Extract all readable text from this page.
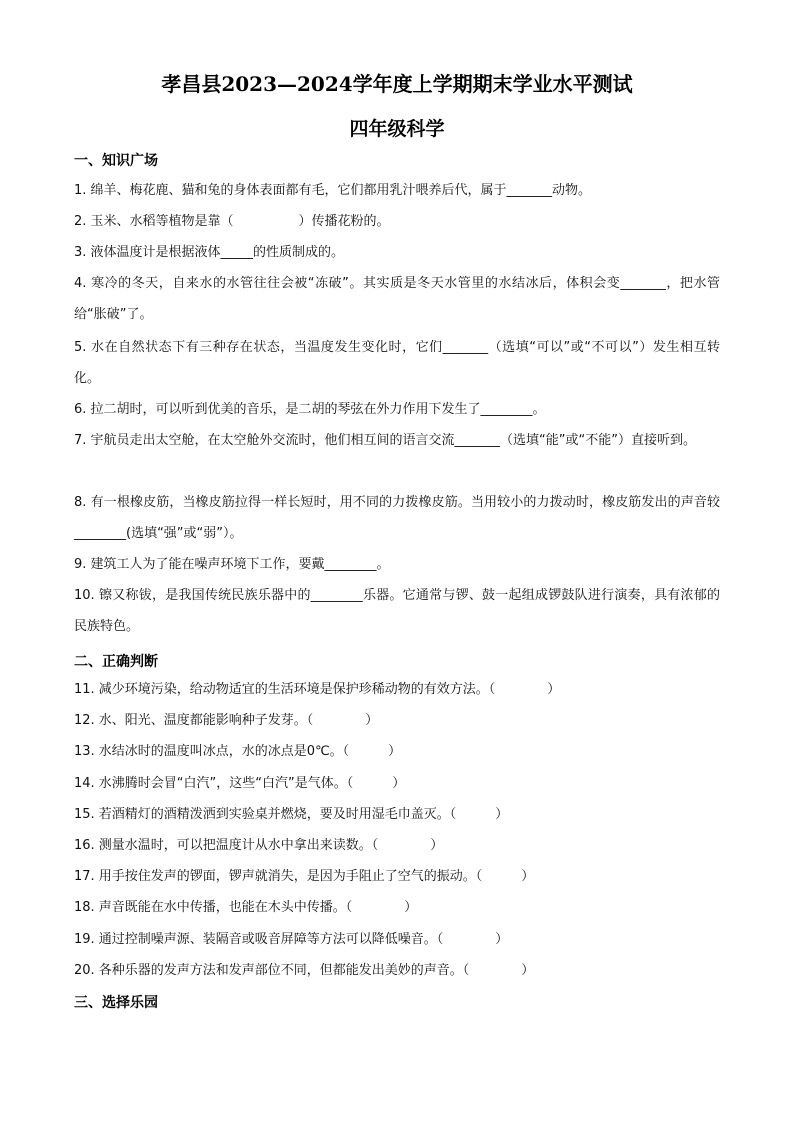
孝昌县2023—2024学年度上学期期末学业水平测试
四年级科学
一、知识广场
1. 绵羊、梅花鹿、猫和兔的身体表面都有毛，它们都用乳汁喂养后代，属于_______动物。
2. 玉米、水稻等植物是靠（　　　　　）传播花粉的。
3. 液体温度计是根据液体_____的性质制成的。
4. 寒冷的冬天，自来水的水管往往会被“冻破”。其实质是冬天水管里的水结冰后，体积会变_______，把水管给“胀破”了。
5. 水在自然状态下有三种存在状态，当温度发生变化时，它们_______（选填“可以”或“不可以”）发生相互转化。
6. 拉二胡时，可以听到优美的音乐，是二胡的琴弦在外力作用下发生了________。
7. 宇航员走出太空舱，在太空舱外交流时，他们相互间的语言交流_______（选填“能”或“不能”）直接听到。
8. 有一根橡皮筋，当橡皮筋拉得一样长短时，用不同的力拨橡皮筋。当用较小的力拨动时，橡皮筋发出的声音较________(选填“强”或“弱”）。
9. 建筑工人为了能在噪声环境下工作，要戴________。
10. 镲又称钹，是我国传统民族乐器中的________乐器。它通常与锣、鼓一起组成锣鼓队进行演奏，具有浓郁的民族特色。
二、正确判断
11. 减少环境污染，给动物适宜的生活环境是保护珍稀动物的有效方法。（　　　　）
12. 水、阳光、温度都能影响种子发芽。（　　　　）
13. 水结冰时的温度叫冰点，水的冰点是0℃。（　　　）
14. 水沸腾时会冒“白汽”，这些“白汽”是气体。（　　　）
15. 若酒精灯的酒精泼洒到实验桌并燃烧，要及时用湿毛巾盖灭。（　　　）
16. 测量水温时，可以把温度计从水中拿出来读数。（　　　　）
17. 用手按住发声的锣面，锣声就消失，是因为手阻止了空气的振动。（　　　）
18. 声音既能在水中传播，也能在木头中传播。（　　　　）
19. 通过控制噪声源、装隔音或吸音屏障等方法可以降低噪音。（　　　　）
20. 各种乐器的发声方法和发声部位不同，但都能发出美妙的声音。（　　　　）
三、选择乐园
